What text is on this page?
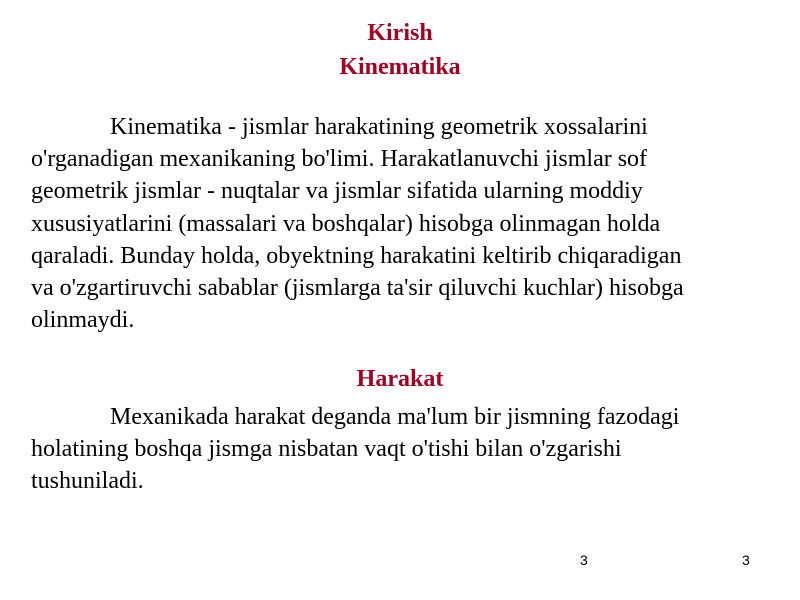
Kirish
Kinematika

Kinematika - jismlar harakatining geometrik xossalarini
o'rganadigan mexanikaning bo'limi. Harakatlanuvchi jismlar sof
geometrik jismlar - nuqtalar va jismlar sifatida ularning moddiy
xususiyatlarini (massalari va boshqalar) hisobga olinmagan holda
qaraladi. Bunday holda, obyektning harakatini keltirib chiqaradigan
va o'zgartiruvchi sabablar (jismlarga ta'sir qiluvchi kuchlar) hisobga
olinmaydi.

Harakat

Mexanikada harakat deganda ma'lum bir jismning fazodagi
holatining boshqa jismga nisbatan vaqt o'tishi bilan o'zgarishi
tushuniladi.

3	3
